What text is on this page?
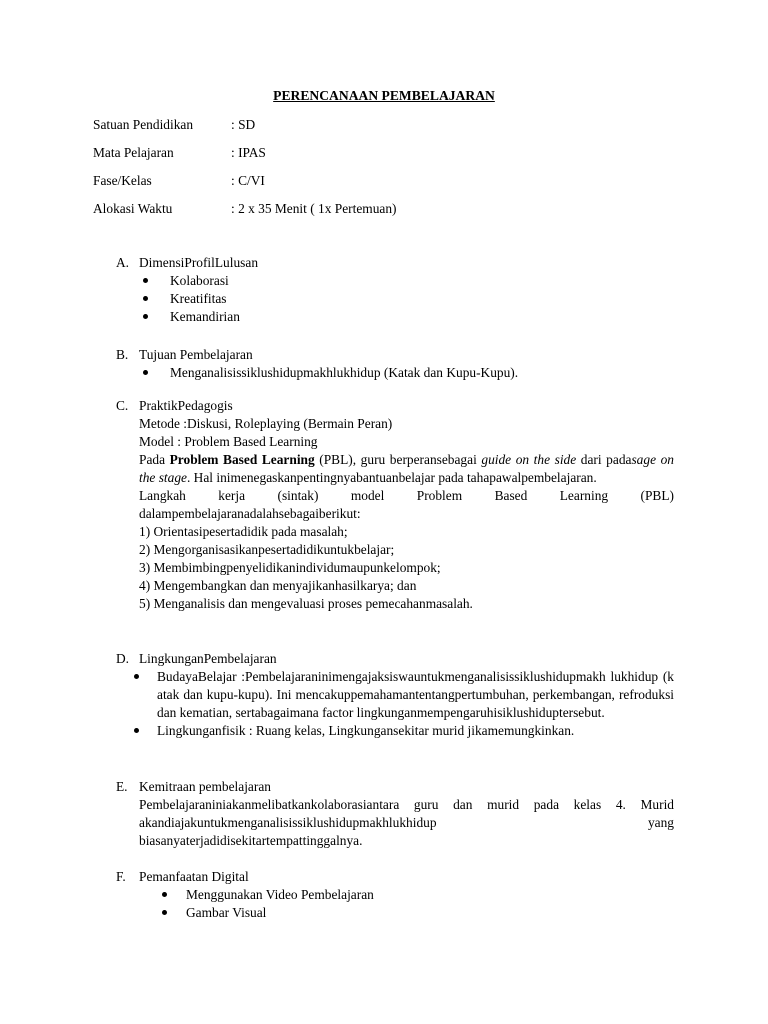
PERENCANAAN PEMBELAJARAN
Satuan Pendidikan	: SD
Mata Pelajaran	: IPAS
Fase/Kelas	: C/VI
Alokasi Waktu	: 2 x 35 Menit ( 1x Pertemuan)
A. DimensiProfilLulusan
Kolaborasi
Kreatifitas
Kemandirian
B. Tujuan Pembelajaran
Menganalisissiklushidupmakhlukhidup (Katak dan Kupu-Kupu).
C. PraktikPedagogis
Metode :Diskusi, Roleplaying (Bermain Peran)
Model : Problem Based Learning
Pada Problem Based Learning (PBL), guru berperansebagai guide on the side dari padasage on the stage. Hal inimenegaskanpentingnyabantuanbelajar pada tahapawalpembelajaran.
Langkah kerja (sintak) model Problem Based Learning (PBL) dalampembelajaranadalahsebagaiberikut:
1) Orientasipesertadidik pada masalah;
2) Mengorganisasikanpesertadidikuntukbelajar;
3) Membimbingpenyelidikanindividumaupunkelompok;
4) Mengembangkan dan menyajikanhasilkarya; dan
5) Menganalisis dan mengevaluasi proses pemecahanmasalah.
D. LingkunganPembelajaran
BudayaBelajar :Pembelajaraninimengajaksiswauntukmenganalisissiklushidupmakh lukhidup (katak dan kupu-kupu). Ini mencakuppemahamantentangpertumbuhan, perkembangan, refroduksi dan kematian, sertabagaimana factor lingkunganmempengaruhisiklushiduptersebut.
Lingkunganfisik : Ruang kelas, Lingkungansekitar murid jikamemungkinkan.
E. Kemitraan pembelajaran
Pembelajaraniniakanmelibatkankolaborasiantara guru dan murid pada kelas 4. Murid akandiajakuntukmenganalisissiklushidupmakhlukhidup yang biasanyaterjadidisekitartempattinggalnya.
F. Pemanfaatan Digital
Menggunakan Video Pembelajaran
Gambar Visual
